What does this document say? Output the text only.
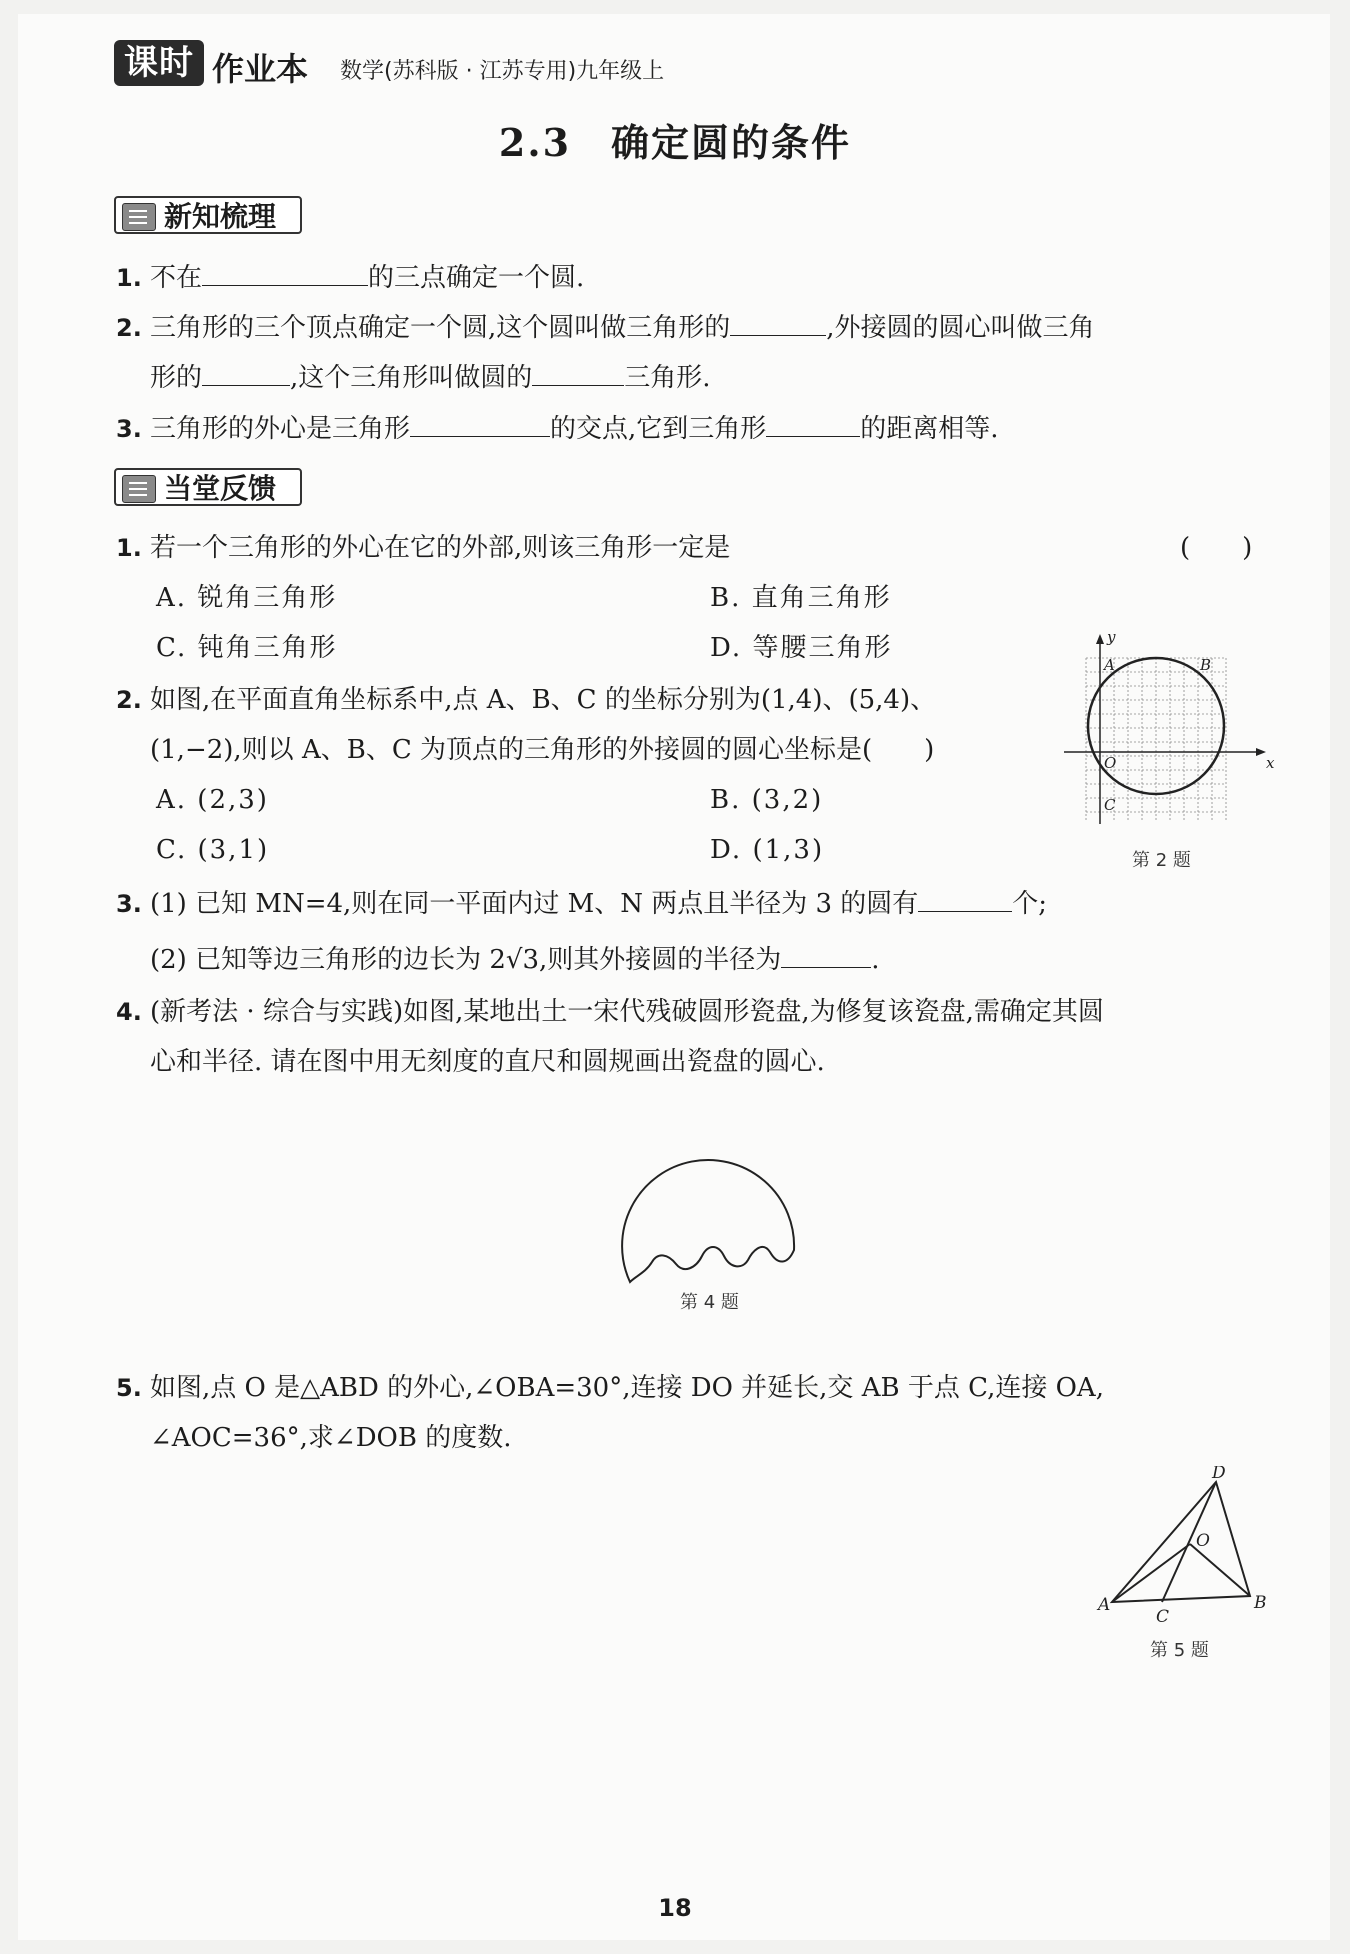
课时 作业本 数学(苏科版 · 江苏专用)九年级上
2.3 确定圆的条件
新知梳理
1. 不在	的三点确定一个圆.
2. 三角形的三个顶点确定一个圆,这个圆叫做三角形的	,外接圆的圆心叫做三角
形的	,这个三角形叫做圆的	三角形.
3. 三角形的外心是三角形	的交点,它到三角形	的距离相等.
当堂反馈
1. 若一个三角形的外心在它的外部,则该三角形一定是	(　　)
A. 锐角三角形	B. 直角三角形
C. 钝角三角形	D. 等腰三角形
2. 如图,在平面直角坐标系中,点 A、B、C 的坐标分别为(1,4)、(5,4)、
(1,−2),则以 A、B、C 为顶点的三角形的外接圆的圆心坐标是(　　)
A. (2,3)	B. (3,2)
C. (3,1)	D. (1,3)
y
x
A	B
O
C
第 2 题
3. (1) 已知 MN=4,则在同一平面内过 M、N 两点且半径为 3 的圆有	个;
(2) 已知等边三角形的边长为 2√3,则其外接圆的半径为	.
4. (新考法 · 综合与实践)如图,某地出土一宋代残破圆形瓷盘,为修复该瓷盘,需确定其圆
心和半径. 请在图中用无刻度的直尺和圆规画出瓷盘的圆心.
第 4 题
5. 如图,点 O 是△ABD 的外心,∠OBA=30°,连接 DO 并延长,交 AB 于点 C,连接 OA,
∠AOC=36°,求∠DOB 的度数.
D
O
A
C
B
第 5 题
18
